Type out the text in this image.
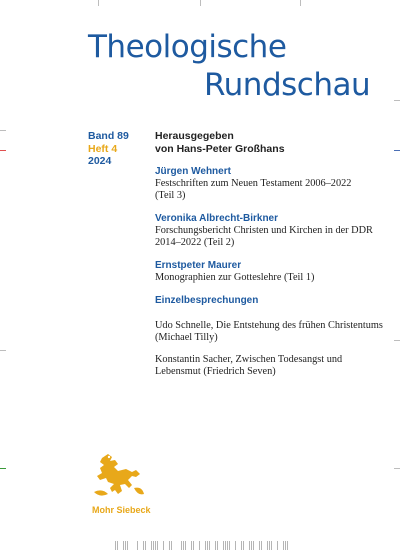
Theologische
Rundschau
Band 89
Heft 4
2024
Herausgegeben
von Hans-Peter Großhans
Jürgen Wehnert
Festschriften zum Neuen Testament 2006–2022
(Teil 3)
Veronika Albrecht-Birkner
Forschungsbericht Christen und Kirchen in der DDR
2014–2022 (Teil 2)
Ernstpeter Maurer
Monographien zur Gotteslehre (Teil 1)
Einzelbesprechungen
Udo Schnelle, Die Entstehung des frühen Christentums
(Michael Tilly)
Konstantin Sacher, Zwischen Todesangst und
Lebensmut (Friedrich Seven)
Mohr Siebeck
